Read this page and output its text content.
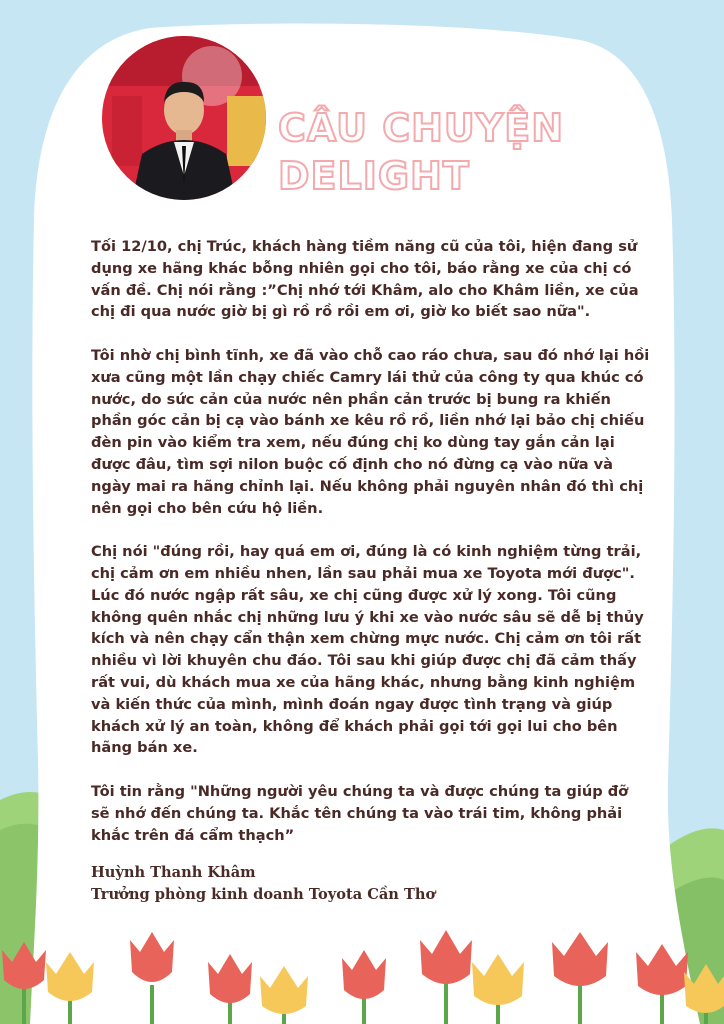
CÂU CHUYỆN
DELIGHT

Tối 12/10, chị Trúc, khách hàng tiềm năng cũ của tôi, hiện đang sử dụng xe hãng khác bỗng nhiên gọi cho tôi, báo rằng xe của chị có vấn đề. Chị nói rằng :”Chị nhớ tới Khâm, alo cho Khâm liền, xe của chị đi qua nước giờ bị gì rồ rồ rồi em ơi, giờ ko biết sao nữa".

Tôi nhờ chị bình tĩnh, xe đã vào chỗ cao ráo chưa, sau đó nhớ lại hồi xưa cũng một lần chạy chiếc Camry lái thử của công ty qua khúc có nước, do sức cản của nước nên phần cản trước bị bung ra khiến phần góc cản bị cạ vào bánh xe kêu rồ rồ, liền nhớ lại bảo chị chiếu đèn pin vào kiểm tra xem, nếu đúng chị ko dùng tay gắn cản lại được đâu, tìm sợi nilon buộc cố định cho nó đừng cạ vào nữa và ngày mai ra hãng chỉnh lại. Nếu không phải nguyên nhân đó thì chị nên gọi cho bên cứu hộ liền.

Chị nói "đúng rồi, hay quá em ơi, đúng là có kinh nghiệm từng trải, chị cảm ơn em nhiều nhen, lần sau phải mua xe Toyota mới được". Lúc đó nước ngập rất sâu, xe chị cũng được xử lý xong. Tôi cũng không quên nhắc chị những lưu ý khi xe vào nước sâu sẽ dễ bị thủy kích và nên chạy cẩn thận xem chừng mực nước. Chị cảm ơn tôi rất nhiều vì lời khuyên chu đáo. Tôi sau khi giúp được chị đã cảm thấy rất vui, dù khách mua xe của hãng khác, nhưng bằng kinh nghiệm và kiến thức của mình, mình đoán ngay được tình trạng và giúp khách xử lý an toàn, không để khách phải gọi tới gọi lui cho bên hãng bán xe.

Tôi tin rằng "Những người yêu chúng ta và được chúng ta giúp đỡ sẽ nhớ đến chúng ta. Khắc tên chúng ta vào trái tim, không phải khắc trên đá cẩm thạch”

Huỳnh Thanh Khâm
Trưởng phòng kinh doanh Toyota Cần Thơ
